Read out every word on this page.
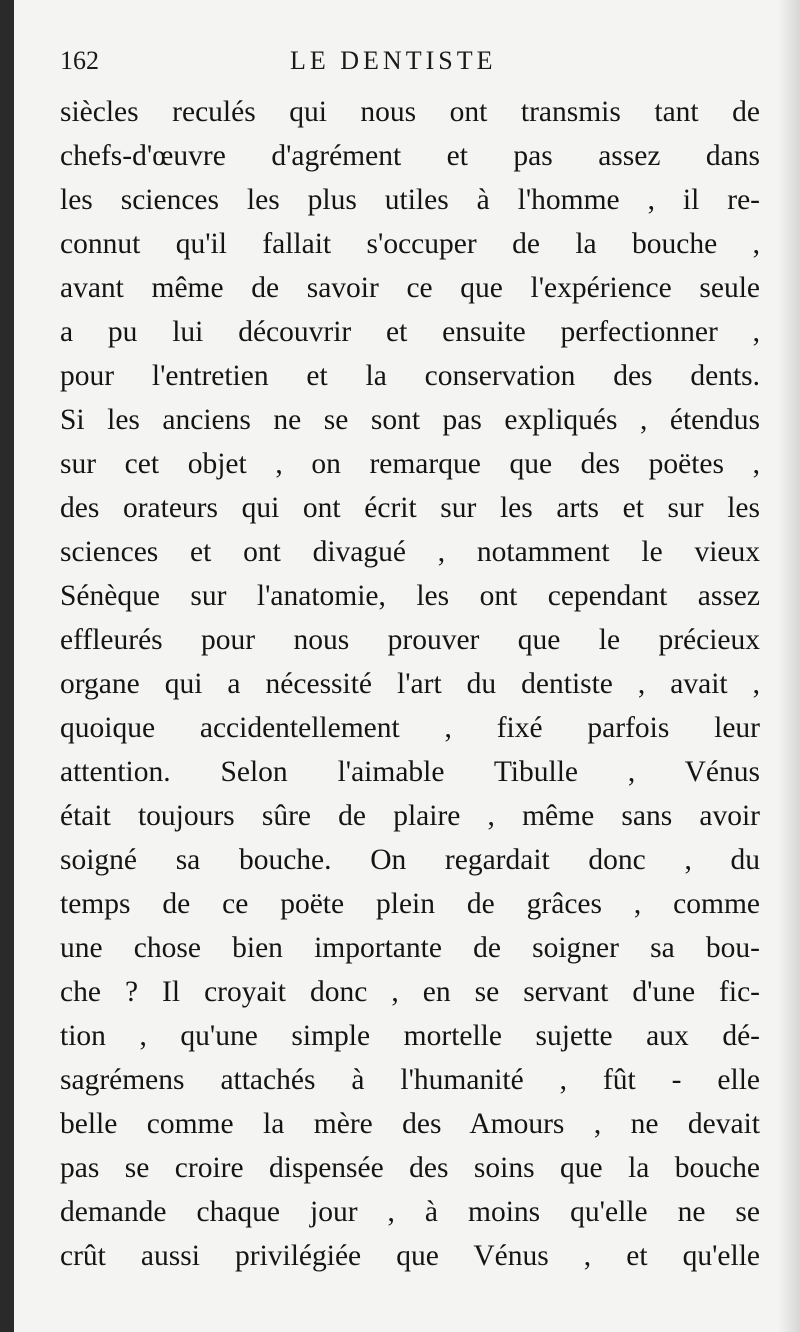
162	LE DENTISTE
siècles reculés qui nous ont transmis tant de
chefs-d'œuvre d'agrément et pas assez dans
les sciences les plus utiles à l'homme , il re-
connut qu'il fallait s'occuper de la bouche ,
avant même de savoir ce que l'expérience seule
a pu lui découvrir et ensuite perfectionner ,
pour l'entretien et la conservation des dents.
Si les anciens ne se sont pas expliqués , étendus
sur cet objet , on remarque que des poëtes ,
des orateurs qui ont écrit sur les arts et sur les
sciences et ont divagué , notamment le vieux
Sénèque sur l'anatomie, les ont cependant assez
effleurés pour nous prouver que le précieux
organe qui a nécessité l'art du dentiste , avait ,
quoique accidentellement , fixé parfois leur
attention. Selon l'aimable Tibulle , Vénus
était toujours sûre de plaire , même sans avoir
soigné sa bouche. On regardait donc , du
temps de ce poëte plein de grâces , comme
une chose bien importante de soigner sa bou-
che ? Il croyait donc , en se servant d'une fic-
tion , qu'une simple mortelle sujette aux dé-
sagrémens attachés à l'humanité , fût - elle
belle comme la mère des Amours , ne devait
pas se croire dispensée des soins que la bouche
demande chaque jour , à moins qu'elle ne se
crût aussi privilégiée que Vénus , et qu'elle
